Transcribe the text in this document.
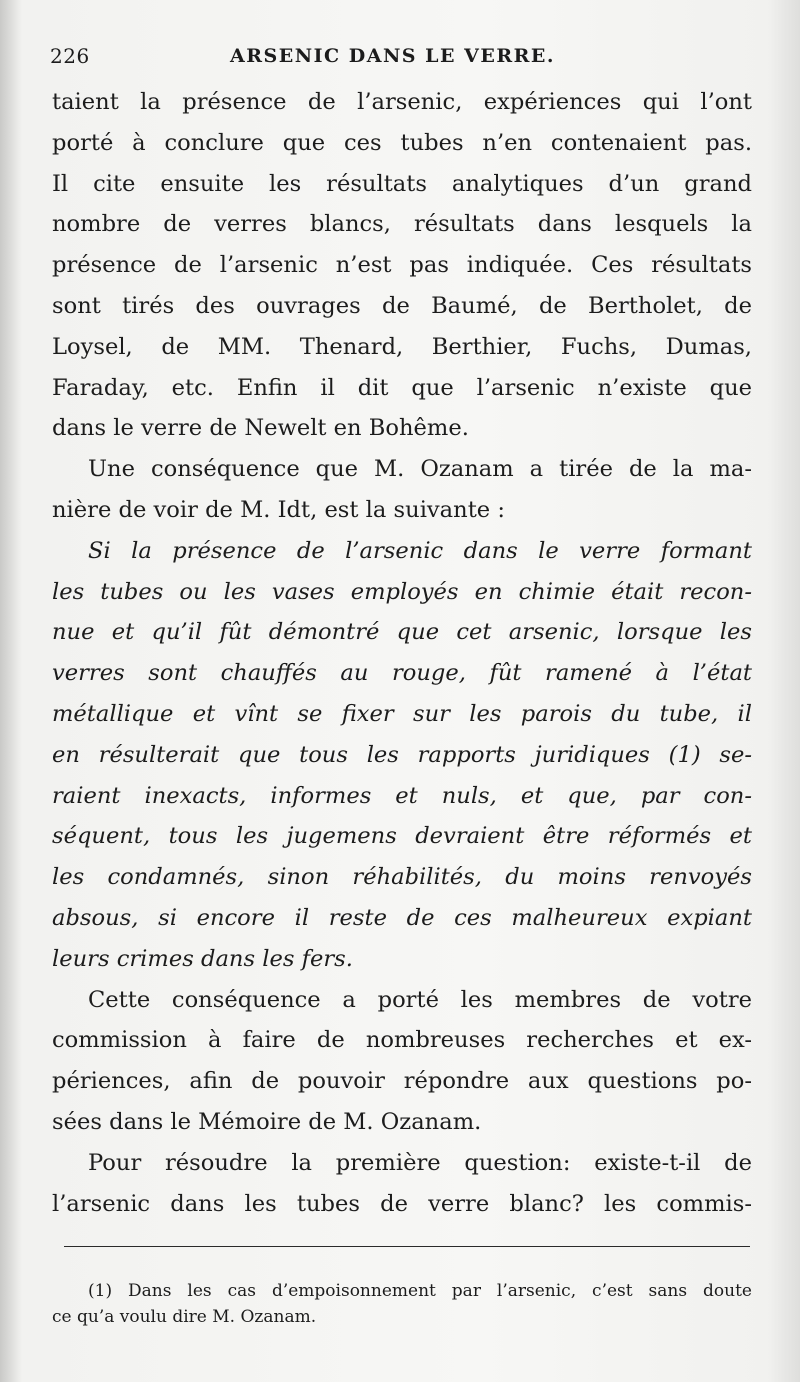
226	ARSENIC DANS LE VERRE.
taient la présence de l’arsenic, expériences qui l’ont
porté à conclure que ces tubes n’en contenaient pas.
Il cite ensuite les résultats analytiques d’un grand
nombre de verres blancs, résultats dans lesquels la
présence de l’arsenic n’est pas indiquée. Ces résultats
sont tirés des ouvrages de Baumé, de Bertholet, de
Loysel, de MM. Thenard, Berthier, Fuchs, Dumas,
Faraday, etc. Enfin il dit que l’arsenic n’existe que
dans le verre de Newelt en Bohême.
Une conséquence que M. Ozanam a tirée de la ma-
nière de voir de M. Idt, est la suivante :
Si la présence de l’arsenic dans le verre formant
les tubes ou les vases employés en chimie était recon-
nue et qu’il fût démontré que cet arsenic, lorsque les
verres sont chauffés au rouge, fût ramené à l’état
métallique et vînt se fixer sur les parois du tube, il
en résulterait que tous les rapports juridiques (1) se-
raient inexacts, informes et nuls, et que, par con-
séquent, tous les jugemens devraient être réformés et
les condamnés, sinon réhabilités, du moins renvoyés
absous, si encore il reste de ces malheureux expiant
leurs crimes dans les fers.
Cette conséquence a porté les membres de votre
commission à faire de nombreuses recherches et ex-
périences, afin de pouvoir répondre aux questions po-
sées dans le Mémoire de M. Ozanam.
Pour résoudre la première question: existe-t-il de
l’arsenic dans les tubes de verre blanc? les commis-
(1) Dans les cas d’empoisonnement par l’arsenic, c’est sans doute
ce qu’a voulu dire M. Ozanam.
